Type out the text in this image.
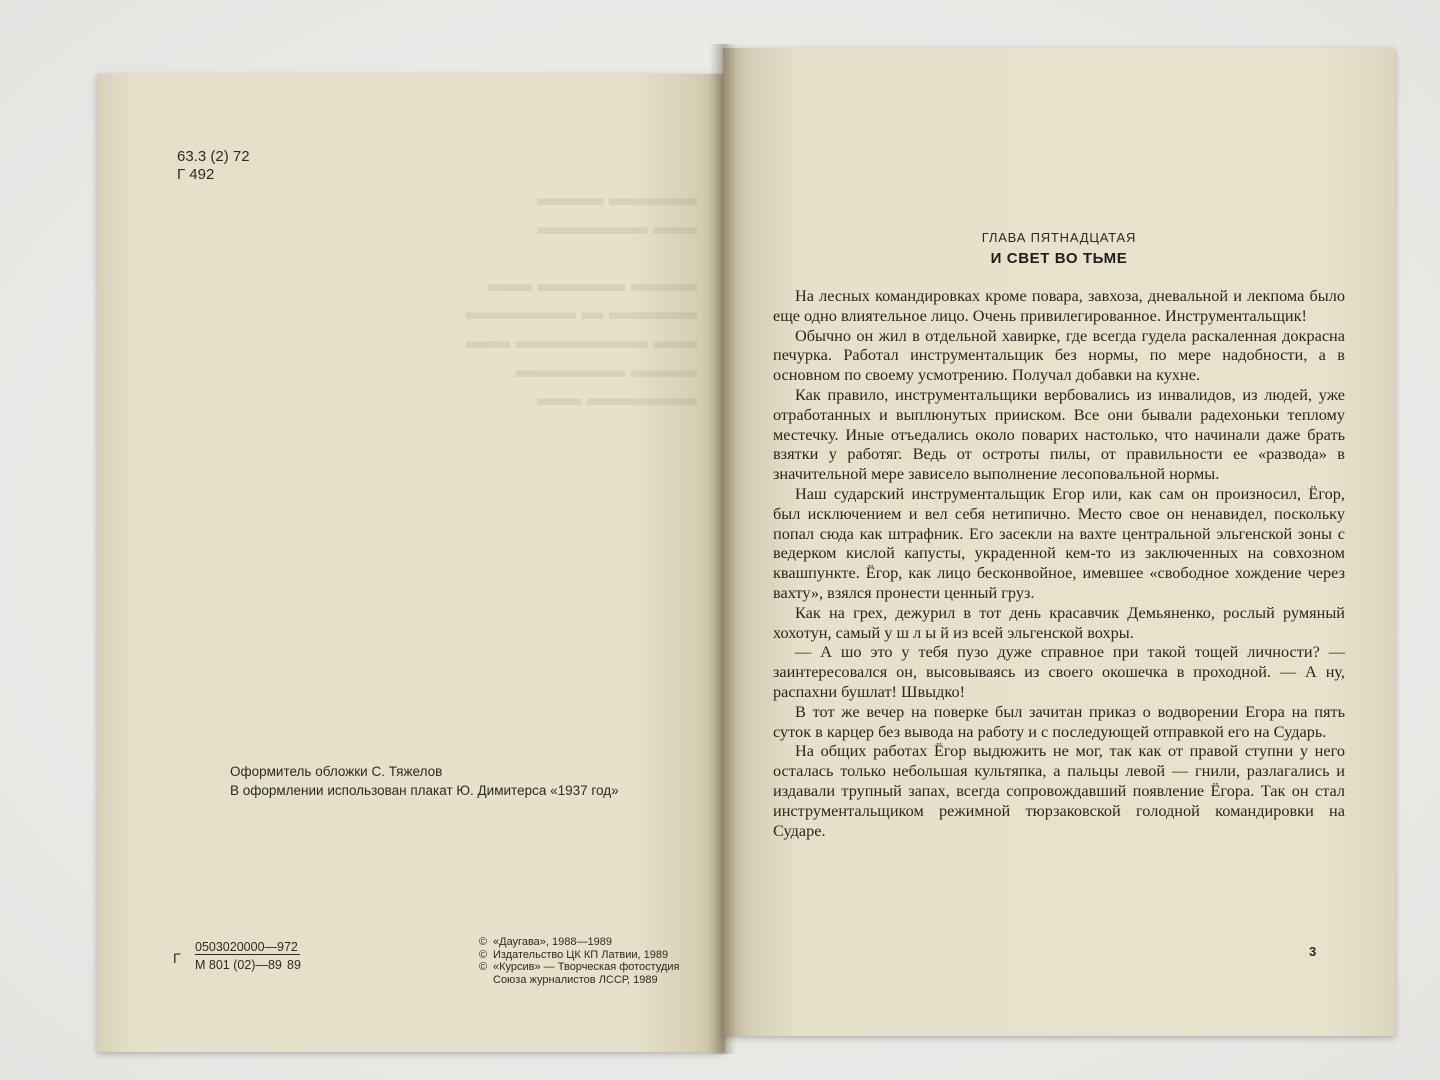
▬▬▬▬ ▬▬▬
▬▬ ▬▬▬▬▬

▬▬▬ ▬▬▬▬ ▬▬
▬▬▬▬ ▬ ▬▬▬▬▬
▬▬ ▬▬▬▬▬▬ ▬▬
▬▬▬ ▬▬▬▬▬
▬▬▬▬▬ ▬▬
63.3 (2) 72
Г 492
Оформитель обложки С. Тяжелов
В оформлении использован плакат Ю. Димитерса «1937 год»
Г
0503020000—972
М 801 (02)—89 89
© «Даугава», 1988—1989
© Издательство ЦК КП Латвии, 1989
© «Курсив» — Творческая фотостудия
Союза журналистов ЛССР, 1989
ГЛАВА ПЯТНАДЦАТАЯ
И СВЕТ ВО ТЬМЕ

На лесных командировках кроме повара, завхоза, дневальной и лекпома было еще одно влиятельное лицо. Очень привилегированное. Инструментальщик!

Обычно он жил в отдельной хавирке, где всегда гудела раскаленная докрасна печурка. Работал инструментальщик без нормы, по мере надобности, а в основном по своему усмотрению. Получал добавки на кухне.

Как правило, инструментальщики вербовались из инвалидов, из людей, уже отработанных и выплюнутых прииском. Все они бывали радехоньки теплому местечку. Иные отъедались около поварих настолько, что начинали даже брать взятки у работяг. Ведь от остроты пилы, от правильности ее «развода» в значительной мере зависело выполнение лесоповальной нормы.

Наш сударский инструментальщик Егор или, как сам он произносил, Ёгор, был исключением и вел себя нетипично. Место свое он ненавидел, поскольку попал сюда как штрафник. Его засекли на вахте центральной эльгенской зоны с ведерком кислой капусты, украденной кем-то из заключенных на совхозном квашпункте. Ёгор, как лицо бесконвойное, имевшее «свободное хождение через вахту», взялся пронести ценный груз.

Как на грех, дежурил в тот день красавчик Демьяненко, рослый румяный хохотун, самый у ш л ы й из всей эльгенской вохры.

— А шо это у тебя пузо дуже справное при такой тощей личности? — заинтересовался он, высовываясь из своего окошечка в проходной. — А ну, распахни бушлат! Швыдко!

В тот же вечер на поверке был зачитан приказ о водворении Егора на пять суток в карцер без вывода на работу и с последующей отправкой его на Сударь.

На общих работах Ёгор выдюжить не мог, так как от правой ступни у него осталась только небольшая культяпка, а пальцы левой — гнили, разлагались и издавали трупный запах, всегда сопровождавший появление Ёгора. Так он стал инструментальщиком режимной тюрзаковской голодной командировки на Сударе.

3
